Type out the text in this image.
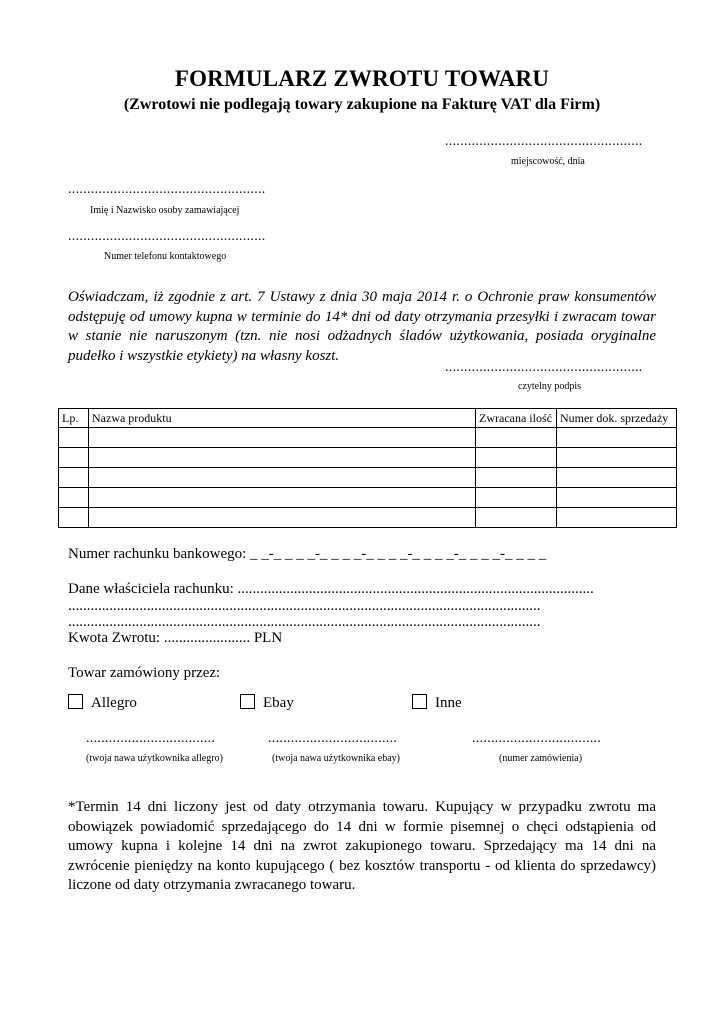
FORMULARZ ZWROTU TOWARU
(Zwrotowi nie podlegają towary zakupione na Fakturę VAT dla Firm)
....................................................
miejscowość, dnia
....................................................
Imię i Nazwisko osoby zamawiającej
....................................................
Numer telefonu kontaktowego
Oświadczam, iż zgodnie z art. 7 Ustawy z dnia 30 maja 2014 r. o Ochronie praw konsumentów odstępuję od umowy kupna w terminie do 14* dni od daty otrzymania przesyłki i zwracam towar w stanie nie naruszonym (tzn. nie nosi odżadnych śladów użytkowania, posiada oryginalne pudełko i wszystkie etykiety) na własny koszt.
....................................................
czytelny podpis
Lp.	Nazwa produktu	Zwracana ilość	Numer dok. sprzedaży

Numer rachunku bankowego: _ _-_ _ _ _-_ _ _ _-_ _ _ _-_ _ _ _-_ _ _ _-_ _ _ _
Dane właściciela rachunku: ...............................................................................................
..............................................................................................................................
..............................................................................................................................
Kwota Zwrotu: ....................... PLN
Towar zamówiony przez:
Allegro	Ebay	Inne
..................................
(twoja nawa użytkownika allegro)
..................................
(twoja nawa użytkownika ebay)
..................................
(numer zamówienia)
*Termin 14 dni liczony jest od daty otrzymania towaru. Kupujący w przypadku zwrotu ma obowiązek powiadomić sprzedającego do 14 dni w formie pisemnej o chęci odstąpienia od umowy kupna i kolejne 14 dni na zwrot zakupionego towaru. Sprzedający ma 14 dni na zwrócenie pieniędzy na konto kupującego ( bez kosztów transportu - od klienta do sprzedawcy) liczone od daty otrzymania zwracanego towaru.
